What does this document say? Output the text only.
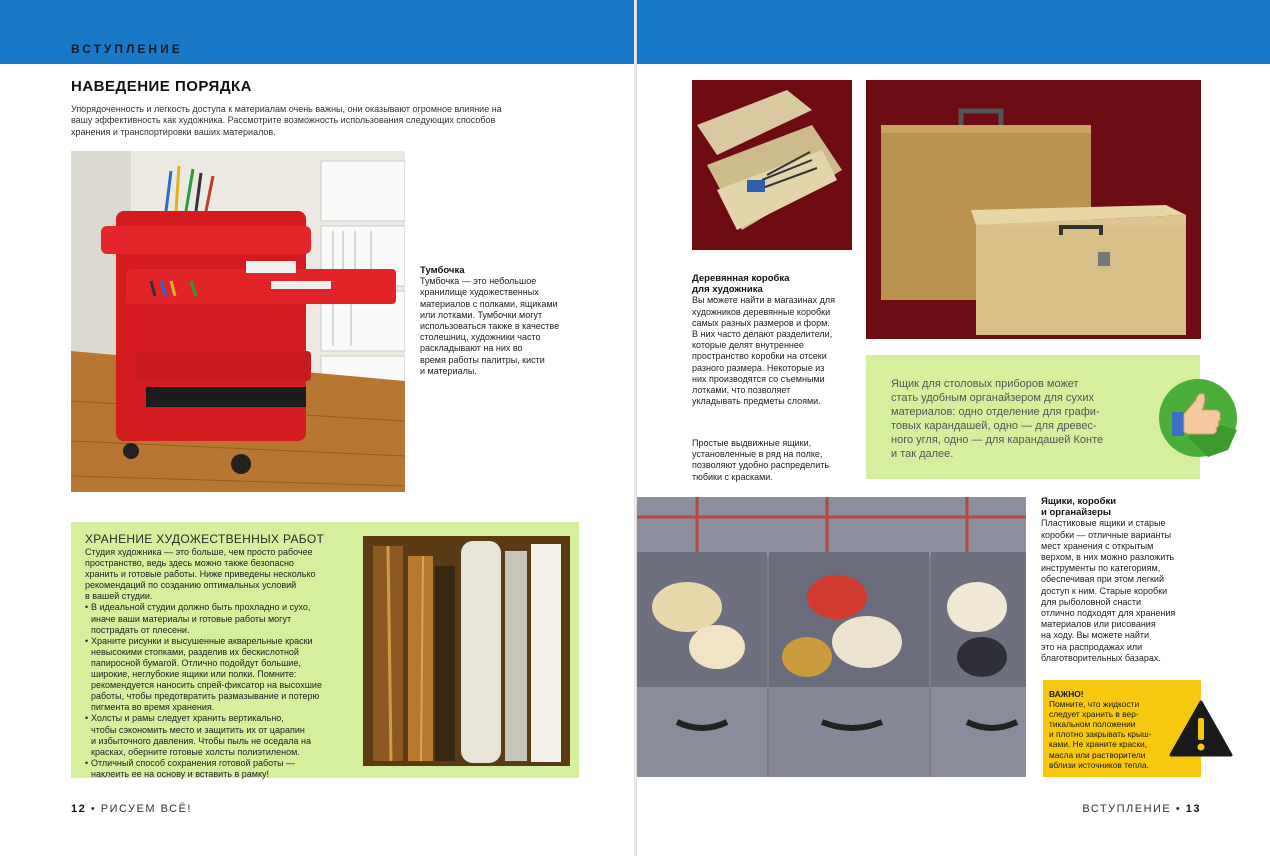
ВСТУПЛЕНИЕ
НАВЕДЕНИЕ ПОРЯДКА
Упорядоченность и легкость доступа к материалам очень важны, они оказывают огромное влияние на
вашу эффективность как художника. Рассмотрите возможность использования следующих способов
хранения и транспортировки ваших материалов.
Тумбочка
Тумбочка — это небольшое
хранилище художественных
материалов с полками, ящиками
или лотками. Тумбочки могут
использоваться также в качестве
столешниц, художники часто
раскладывают на них во
время работы палитры, кисти
и материалы.
ХРАНЕНИЕ ХУДОЖЕСТВЕННЫХ РАБОТ
Студия художника — это больше, чем просто рабочее
пространство, ведь здесь можно также безопасно
хранить и готовые работы. Ниже приведены несколько
рекомендаций по созданию оптимальных условий
в вашей студии.
• В идеальной студии должно быть прохладно и сухо,
иначе ваши материалы и готовые работы могут
пострадать от плесени.
• Храните рисунки и высушенные акварельные краски
невысокими стопками, разделив их бескислотной
папиросной бумагой. Отлично подойдут большие,
широкие, неглубокие ящики или полки. Помните:
рекомендуется наносить спрей-фиксатор на высохшие
работы, чтобы предотвратить размазывание и потерю
пигмента во время хранения.
• Холсты и рамы следует хранить вертикально,
чтобы сэкономить место и защитить их от царапин
и избыточного давления. Чтобы пыль не оседала на
красках, оберните готовые холсты полиэтиленом.
• Отличный способ сохранения готовой работы —
наклеить ее на основу и вставить в рамку!
12 • РИСУЕМ ВСЁ!
Деревянная коробка
для художника
Вы можете найти в магазинах для
художников деревянные коробки
самых разных размеров и форм.
В них часто делают разделители,
которые делят внутреннее
пространство коробки на отсеки
разного размера. Некоторые из
них производятся со съемными
лотками, что позволяет
укладывать предметы слоями.
Простые выдвижные ящики,
установленные в ряд на полке,
позволяют удобно распределить
тюбики с красками.
Ящик для столовых приборов может
стать удобным органайзером для сухих
материалов: одно отделение для графи-
товых карандашей, одно — для древес-
ного угля, одно — для карандашей Конте
и так далее.
Ящики, коробки
и органайзеры
Пластиковые ящики и старые
коробки — отличные варианты
мест хранения с открытым
верхом, в них можно разложить
инструменты по категориям,
обеспечивая при этом легкий
доступ к ним. Старые коробки
для рыболовной снасти
отлично подходят для хранения
материалов или рисования
на ходу. Вы можете найти
это на распродажах или
благотворительных базарах.
ВАЖНО!
Помните, что жидкости
следует хранить в вер-
тикальном положении
и плотно закрывать крыш-
ками. Не храните краски,
масла или растворители
вблизи источников тепла.
ВСТУПЛЕНИЕ • 13
